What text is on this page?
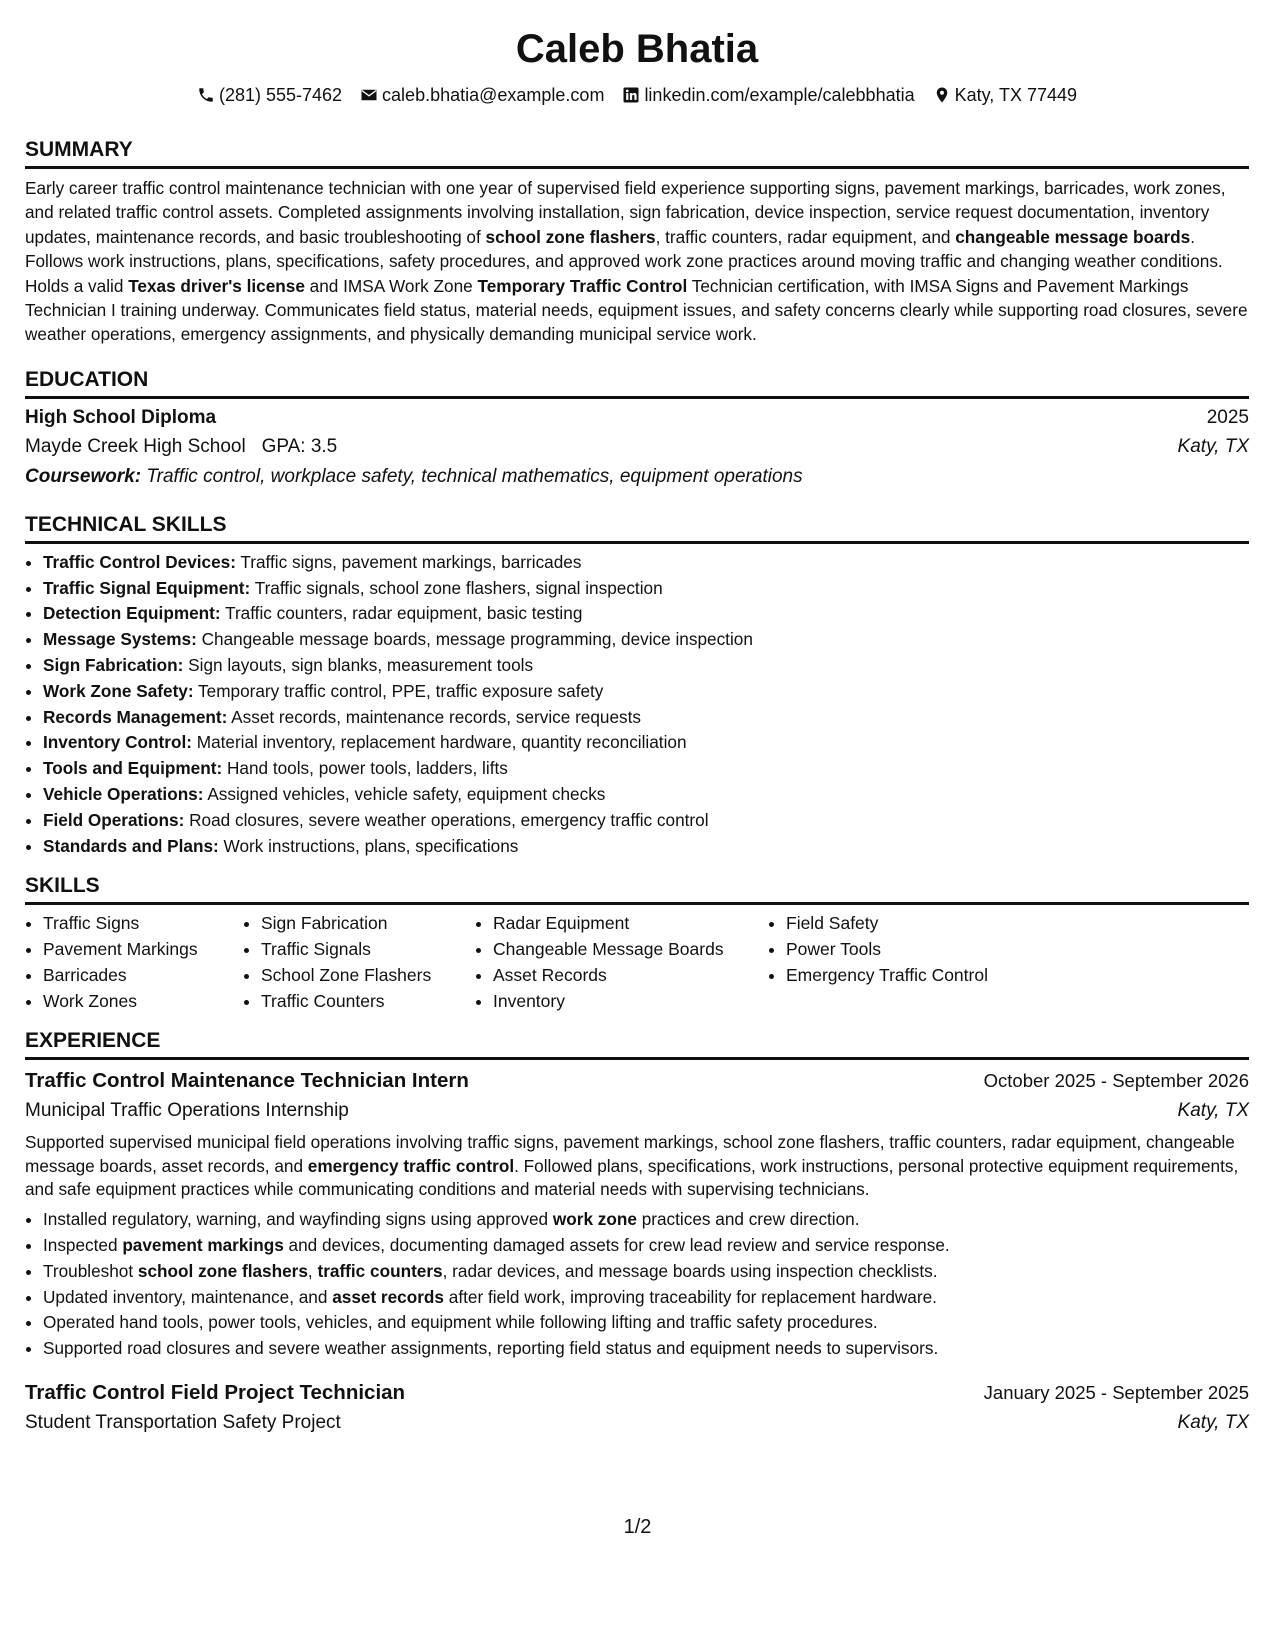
Caleb Bhatia
(281) 555-7462 caleb.bhatia@example.com linkedin.com/example/calebbhatia Katy, TX 77449
SUMMARY

Early career traffic control maintenance technician with one year of supervised field experience supporting signs, pavement markings, barricades, work zones, and related traffic control assets. Completed assignments involving installation, sign fabrication, device inspection, service request documentation, inventory updates, maintenance records, and basic troubleshooting of school zone flashers, traffic counters, radar equipment, and changeable message boards. Follows work instructions, plans, specifications, safety procedures, and approved work zone practices around moving traffic and changing weather conditions. Holds a valid Texas driver's license and IMSA Work Zone Temporary Traffic Control Technician certification, with IMSA Signs and Pavement Markings Technician I training underway. Communicates field status, material needs, equipment issues, and safety concerns clearly while supporting road closures, severe weather operations, emergency assignments, and physically demanding municipal service work.

EDUCATION
High School Diploma	2025
Mayde Creek High School GPA: 3.5	Katy, TX
Coursework: Traffic control, workplace safety, technical mathematics, equipment operations
TECHNICAL SKILLS
• Traffic Control Devices: Traffic signs, pavement markings, barricades
• Traffic Signal Equipment: Traffic signals, school zone flashers, signal inspection
• Detection Equipment: Traffic counters, radar equipment, basic testing
• Message Systems: Changeable message boards, message programming, device inspection
• Sign Fabrication: Sign layouts, sign blanks, measurement tools
• Work Zone Safety: Temporary traffic control, PPE, traffic exposure safety
• Records Management: Asset records, maintenance records, service requests
• Inventory Control: Material inventory, replacement hardware, quantity reconciliation
• Tools and Equipment: Hand tools, power tools, ladders, lifts
• Vehicle Operations: Assigned vehicles, vehicle safety, equipment checks
• Field Operations: Road closures, severe weather operations, emergency traffic control
• Standards and Plans: Work instructions, plans, specifications
SKILLS
• Traffic Signs
• Pavement Markings
• Barricades
• Work Zones
• Sign Fabrication
• Traffic Signals
• School Zone Flashers
• Traffic Counters
• Radar Equipment
• Changeable Message Boards
• Asset Records
• Inventory
• Field Safety
• Power Tools
• Emergency Traffic Control
EXPERIENCE
Traffic Control Maintenance Technician Intern	October 2025 - September 2026
Municipal Traffic Operations Internship	Katy, TX

Supported supervised municipal field operations involving traffic signs, pavement markings, school zone flashers, traffic counters, radar equipment, changeable message boards, asset records, and emergency traffic control. Followed plans, specifications, work instructions, personal protective equipment requirements, and safe equipment practices while communicating conditions and material needs with supervising technicians.

• Installed regulatory, warning, and wayfinding signs using approved work zone practices and crew direction.
• Inspected pavement markings and devices, documenting damaged assets for crew lead review and service response.
• Troubleshot school zone flashers, traffic counters, radar devices, and message boards using inspection checklists.
• Updated inventory, maintenance, and asset records after field work, improving traceability for replacement hardware.
• Operated hand tools, power tools, vehicles, and equipment while following lifting and traffic safety procedures.
• Supported road closures and severe weather assignments, reporting field status and equipment needs to supervisors.
Traffic Control Field Project Technician	January 2025 - September 2025
Student Transportation Safety Project	Katy, TX
1/2
